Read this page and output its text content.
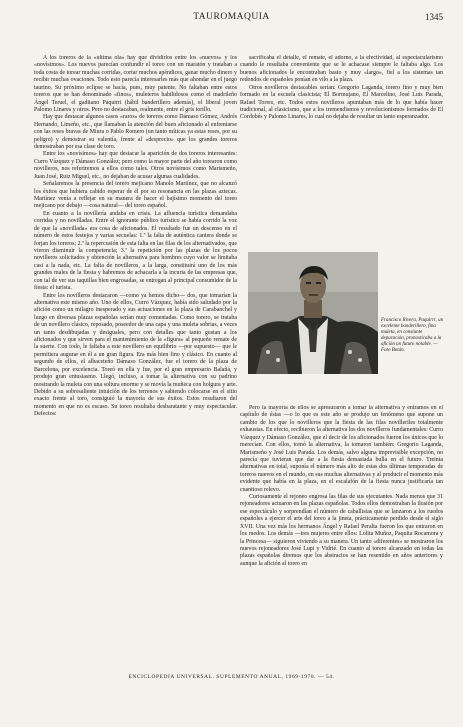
TAUROMAQUIA	1345

A los toreros de la «última ola» hay que dividirlos entre los «nuevos» y los «novísimos». Los nuevos parecían confundir el toreo con un maratón y trataban a toda costa de torear muchas corridas, cortar muchos apéndices, ganar mucho dinero y recibir muchas ovaciones. Todo esto parecía interesarles más que ahondar en el juego taurino. Su próximo eclipse se hacía, pues, muy patente. No faltaban entre estos toreros que se han denominado «finos», muleteros habilidosos como el madrileño Ángel Teruel, el gaditano Paquirri (hábil banderillero además), el liberal joven Palomo Linares y otros. Pero no destacaban, realmente, entre el gris torillo.

Hay que destacar algunos casos «raros» de toreros como Dámaso Gómez, Andrés Hernando, Limeño, etc., que llamaban la atención del buen aficionado al enfrentarse con las reses bravas de Miura o Pablo Romero (un tanto míticas ya estas reses, por su peligro) y demostrar su valentía, frente al «desprecio» que los grandes toreros demostraban por esa clase de toro.

Entre los «novísimos» hay que destacar la aparición de dos toreros interesantes: Curro Vázquez y Dámaso González; pero como la mayor parte del año torearon como novilleros, nos referiremos a ellos como tales. Otros novísimos como Marismeño, Juan José, Ruiz Miguel, etc., no dejaban de acusar algunas cualidades.

Señalaremos la presencia del torero mejicano Manolo Martínez, que no alcanzó los éxitos que hubiera cabido esperar de él por su resonancia en las plazas aztecas. Martínez venía a reflejar en su manera de hacer el bajísimo momento del toreo mejicano por debajo —cosa natural— del toreo español.

En cuanto a la novillería andaba en crisis. La afluencia turística demandaba corridas y no novilladas. Entre el ignorante público turístico se había corrido la voz de que la «novillada» era cosa de aficionados. El resultado fue un descenso en el número de estos festejos y varias secuelas: 1.ª la falta de auténtica cantera donde se forjan los toreros; 2.ª la repercusión de esta falta en las filas de los alternativados, que vieron disminuir la competencia; 3.ª la repetición por las plazas de los pocos novilleros solicitados y obtención la alternativa para hombres cuyo valor se limitaba casi a la nada, etc. La falta de novilleros, a la larga, constituirá uno de los más grandes males de la fiesta y habremos de achacarla a la incuria de las empresas que, con tal de ver sus taquillas bien engrosadas, se entregan al principal consumidor de la fiesta: el turista.

Entre los novilleros destacaron —como ya hemos dicho— dos, que tomarían la alternativa este mismo año. Uno de ellos, Curro Vázquez, había sido saludado por la afición como un milagro inesperado y sus actuaciones en la plaza de Carabanchel y luego en diversas plazas españolas serían muy comentadas. Como torero, se trataba de un novillero clásico, reposado, poseedor de una capa y una muleta sobrias, a veces un tanto desdibujadas y desiguales, pero con detalles que tanto gustan a los aficionados y que sirven para el mantenimiento de la «figura» al pequeño remate de la suerte. Con todo, le faltaba a este novillero un equilibrio —por supuesto— que le permitiera augurar en él a un gran figura. Era más bien fino y clásico. En cuanto al segundo de ellos, el albaceteño Dámaso González, fue el torero de la plaza de Barcelona, por excelencia. Toreó en ella y fue, por el gran empresario Balañá, y produjo gran entusiasmo. Llegó, incluso, a tomar la alternativa con su padrino mostrando la muleta con una soltura enorme y se movía la muñeca con holgura y arte. Debido a su sobresaliente intuición de los terrenos y sabiendo colocarse en el sitio exacto frente al toro, consiguió la mayoría de sus éxitos. Estos resultaron del momento en que no es escaso. Su toreo resultaba desbaratante y muy espectacular. Defectos:

sacrificaba el detalle, el remate, el adorno, a la efectividad, al espectacularismo cuando le resultaba conveniente que se le achacase siempre le faltaba algo. Los buenos aficionados le encontraban basto y muy «largo», fiel a los sistemas tan redondos de españoles ponían en vilo a la plaza.

Otros novilleros destacables serían: Gregorio Laganda, torero fino y muy bien formado en la escuela clasicista; El Bormujano, El Marcelino, José Luis Parada, Rafael Torres, etc. Todos estos novilleros apuntaban más de lo que había hacer tradicional, al clasicismo, que a los tremendismos y revolucionismos formados de El Cordobés y Palomo Linares, lo cual no dejaba de resultar un tanto esperanzador.

Francisco Rivera, Paquirri, un excelente banderillero, fina muleta, en constante depuración, pronosticaba a la afición un futuro notable. — Foto Botán.

Pero la mayoría de ellos se apresuraron a tomar la alternativa y entramos en el capítulo de éstas —o lo que es este año se produjo un fenómeno que supone un cambio de los que lo novilleros que la fiesta de las filas novilleriles totalmente exhaustas. En efecto, recibieron la alternativa los dos novilleros fundamentales: Curro Vázquez y Dámaso González, que el decir de los aficionados fueron los únicos que lo merecían. Con ellos, tomó la alternativa, la tomaron también: Gregorio Laganda, Marismeño y José Luis Parada. Los demás, salvo alguna imprevisible excepción, no parecía que tuvieran que dar a la fiesta demasiada bulla en el futuro. Treinta alternativas en total, suponía el número más alto de estas dos últimas temporadas de toreros nuevos en el mundo, en sus muchas alternativas y al producir el momento más evidente que había en la plaza, en el escalafón de la fiesta nunca justificaría tan cuantioso relevo.

Curiosamente el rejoneo engrosa las filas de sus ejecutantes. Nada menos que 31 rejoneadores actuaron en las plazas españolas. Todos ellos demostraban la ilusión por ese espectáculo y sorprendían el número de caballistas que se lanzaron a los ruedos españoles a ejercer el arte del toreo a la jineta, prácticamente perdido desde el siglo XVII. Una vez más los hermanos Ángel y Rafael Peralta fueron los que entraron en los ruedos. Los demás —tres mujeres entre ellos: Lolita Muñoz, Paquita Rocamora y la Princesa— siguieron viviendo a su manera. Un tanto «diferentes» se mostraron los nuevos rejoneadores José Lupi y Vidrié. En cuanto al torero alcanzado en todas las plazas españolas diremos que los abstractos se han resentido en años anteriores y aunque la afición al toreo en

ENCICLOPEDIA UNIVERSAL. SUPLEMENTO ANUAL, 1969-1970. — 54.
